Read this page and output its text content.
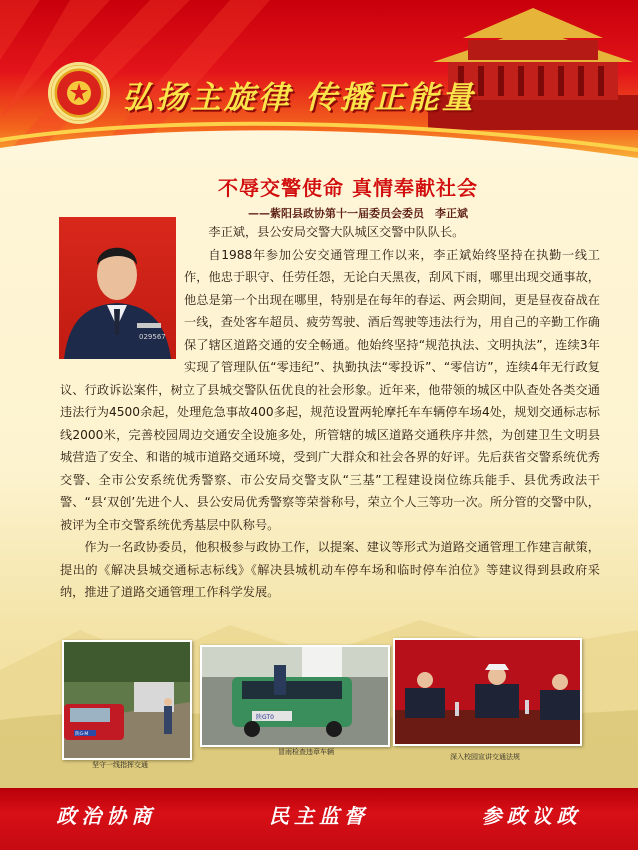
弘扬主旋律 传播正能量
不辱交警使命 真情奉献社会
——紫阳县政协第十一届委员会委员　李正斌
029567

李正斌，县公安局交警大队城区交警中队队长。

自1988年参加公安交通管理工作以来，李正斌始终坚持在执勤一线工作，他忠于职守、任劳任怨，无论白天黑夜，刮风下雨，哪里出现交通事故，他总是第一个出现在哪里，特别是在每年的春运、两会期间，更是昼夜奋战在一线，查处客车超员、疲劳驾驶、酒后驾驶等违法行为，用自己的辛勤工作确保了辖区道路交通的安全畅通。他始终坚持“规范执法、文明执法”，连续3年实现了管理队伍“零违纪”、执勤执法“零投诉”、“零信访”，连续4年无行政复议、行政诉讼案件，树立了县城交警队伍优良的社会形象。近年来，他带领的城区中队查处各类交通违法行为4500余起，处理危急事故400多起，规范设置两轮摩托车车辆停车场4处，规划交通标志标线2000米，完善校园周边交通安全设施多处，所管辖的城区道路交通秩序井然，为创建卫生文明县城营造了安全、和谐的城市道路交通环境，受到广大群众和社会各界的好评。先后获省交警系统优秀交警、全市公安系统优秀警察、市公安局交警支队“三基”工程建设岗位练兵能手、县优秀政法干警、“县‘双创’先进个人、县公安局优秀警察等荣誉称号，荣立个人三等功一次。所分管的交警中队，被评为全市交警系统优秀基层中队称号。

作为一名政协委员，他积极参与政协工作，以提案、建议等形式为道路交通管理工作建言献策，提出的《解决县城交通标志标线》《解决县城机动车停车场和临时停车泊位》等建议得到县政府采纳，推进了道路交通管理工作科学发展。

陕G·M
坚守一线指挥交通
陕GT0
冒雨检查违章车辆
深入校园宣讲交通法规
政治协商	民主监督	参政议政
